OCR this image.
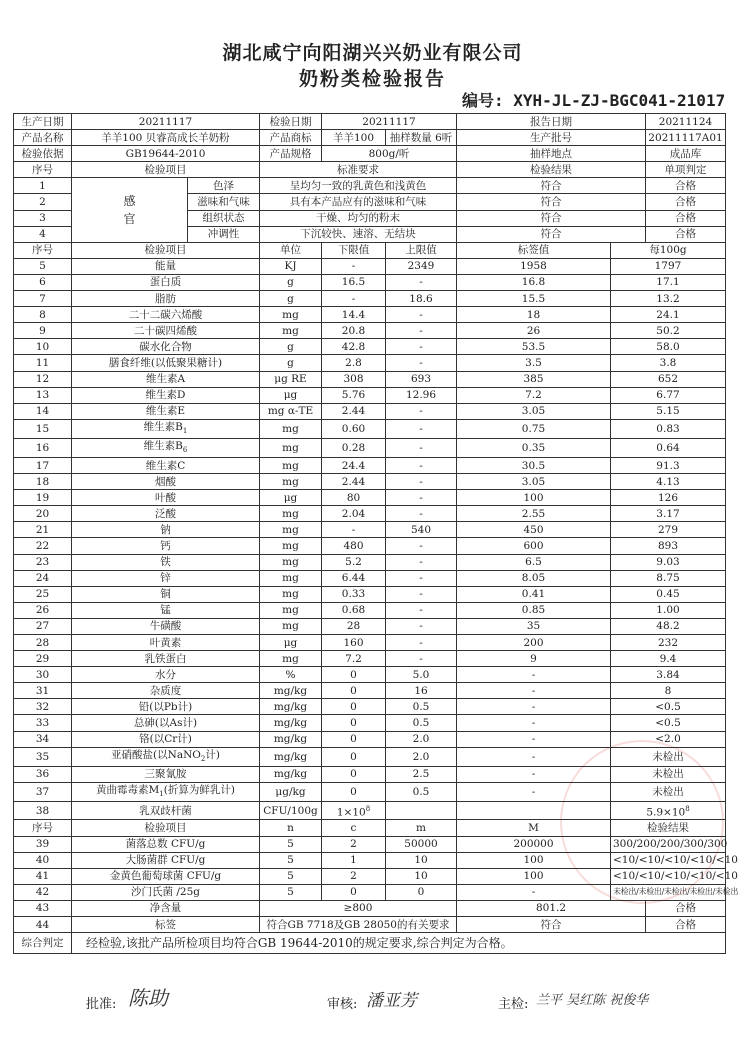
湖北咸宁向阳湖兴兴奶业有限公司
奶粉类检验报告
编号: XYH-JL-ZJ-BGC041-21017
生产日期	20211117		检验日期	20211117		报告日期		20211124	
产品名称	羊羊100 贝睿高成长羊奶粉		产品商标	羊羊100	抽样数量 6听	生产批号		20211117A01	
检验依据	GB19644-2010		产品规格	800g/听		抽样地点		成品库	
序号	检验项目		标准要求			检验结果		单项判定	
1	感官	色泽	呈均匀一致的乳黄色和浅黄色			符合		合格	
2		滋味和气味	具有本产品应有的滋味和气味			符合		合格	
3		组织状态	干燥、均匀的粉末			符合		合格	
4		冲调性	下沉较快、速溶、无结块			符合		合格	
序号	检验项目		单位	下限值	上限值	标签值	每100g	
5	能量		KJ	-	2349	1958	1797	
6	蛋白质		g	16.5	-	16.8	17.1	
7	脂肪		g	-	18.6	15.5	13.2	
8	二十二碳六烯酸		mg	14.4	-	18	24.1	
9	二十碳四烯酸		mg	20.8	-	26	50.2	
10	碳水化合物		g	42.8	-	53.5	58.0	
11	膳食纤维(以低聚果糖计)		g	2.8	-	3.5	3.8	
12	维生素A		μg RE	308	693	385	652	
13	维生素D		μg	5.76	12.96	7.2	6.77	
14	维生素E		mg α-TE	2.44	-	3.05	5.15	
15	维生素$B_1$		mg	0.60	-	0.75	0.83	
16	维生素$B_6$		mg	0.28	-	0.35	0.64	
17	维生素C		mg	24.4	-	30.5	91.3	
18	烟酸		mg	2.44	-	3.05	4.13	
19	叶酸		μg	80	-	100	126	
20	泛酸		mg	2.04	-	2.55	3.17	
21	钠		mg	-	540	450	279	
22	钙		mg	480	-	600	893	
23	铁		mg	5.2	-	6.5	9.03	
24	锌		mg	6.44	-	8.05	8.75	
25	铜		mg	0.33	-	0.41	0.45	
26	锰		mg	0.68	-	0.85	1.00	
27	牛磺酸		mg	28	-	35	48.2	
28	叶黄素		μg	160	-	200	232	
29	乳铁蛋白		mg	7.2	-	9	9.4	
30	水分		%	0	5.0	-	3.84	
31	杂质度		mg/kg	0	16	-	8	
32	铅(以Pb计)		mg/kg	0	0.5	-	<0.5	
33	总砷(以As计)		mg/kg	0	0.5	-	<0.5	
34	铬(以Cr计)		mg/kg	0	2.0	-	<2.0	
35	亚硝酸盐(以NaNO$_2$计)		mg/kg	0	2.0	-	未检出	
36	三聚氰胺		mg/kg	0	2.5	-	未检出	
37	黄曲霉毒素$M_1$(折算为鲜乳计)		μg/kg	0	0.5	-	未检出	
38	乳双歧杆菌		CFU/100g	$1\times 10^8$			$5.9\times 10^8$	
序号	检验项目		n	c	m	M	检验结果	
39	菌落总数 CFU/g		5	2	50000	200000	300/200/200/300/300	
40	大肠菌群 CFU/g		5	1	10	100	<10/<10/<10/<10/<10	
41	金黄色葡萄球菌 CFU/g		5	2	10	100	<10/<10/<10/<10/<10	
42	沙门氏菌 /25g		5	0	0	-	未检出/未检出/未检出/未检出/未检出	
43	净含量		≥800			801.2		合格	
44	标签		符合GB 7718及GB 28050的有关要求			符合		合格	
综合判定	经检验,该批产品所检项目均符合GB 19644-2010的规定要求,综合判定为合格。								
批准: 陈助	审核: 潘亚芳	主检: 兰平 吴红陈 祝俊华
